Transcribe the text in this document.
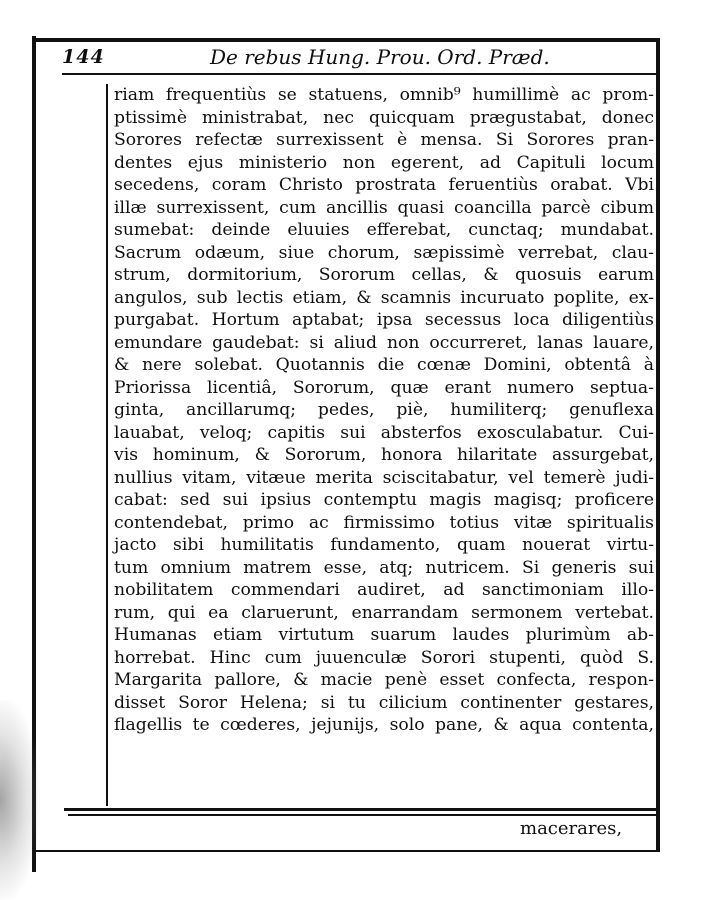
144	De rebus Hung. Prou. Ord. Præd.
riam frequentiùs se statuens, omnib⁹ humillimè ac prom-
ptissimè ministrabat, nec quicquam prægustabat, donec
Sorores refectæ surrexissent è mensa. Si Sorores pran-
dentes ejus ministerio non egerent, ad Capituli locum
secedens, coram Christo prostrata feruentiùs orabat. Vbi
illæ surrexissent, cum ancillis quasi coancilla parcè cibum
sumebat: deinde eluuies efferebat, cunctaq; mundabat.
Sacrum odæum, siue chorum, sæpissimè verrebat, clau-
strum, dormitorium, Sororum cellas, & quosuis earum
angulos, sub lectis etiam, & scamnis incuruato poplite, ex-
purgabat. Hortum aptabat; ipsa secessus loca diligentiùs
emundare gaudebat: si aliud non occurreret, lanas lauare,
& nere solebat. Quotannis die cœnæ Domini, obtentâ à
Priorissa licentiâ, Sororum, quæ erant numero septua-
ginta, ancillarumq; pedes, piè, humiliterq; genuflexa
lauabat, veloq; capitis sui absterfos exosculabatur. Cui-
vis hominum, & Sororum, honora hilaritate assurgebat,
nullius vitam, vitæue merita sciscitabatur, vel temerè judi-
cabat: sed sui ipsius contemptu magis magisq; proficere
contendebat, primo ac firmissimo totius vitæ spiritualis
jacto sibi humilitatis fundamento, quam nouerat virtu-
tum omnium matrem esse, atq; nutricem. Si generis sui
nobilitatem commendari audiret, ad sanctimoniam illo-
rum, qui ea claruerunt, enarrandam sermonem vertebat.
Humanas etiam virtutum suarum laudes plurimùm ab-
horrebat. Hinc cum juuenculæ Sorori stupenti, quòd S.
Margarita pallore, & macie penè esset confecta, respon-
disset Soror Helena; si tu cilicium continenter gestares,
flagellis te cœderes, jejunijs, solo pane, & aqua contenta,
macerares,
